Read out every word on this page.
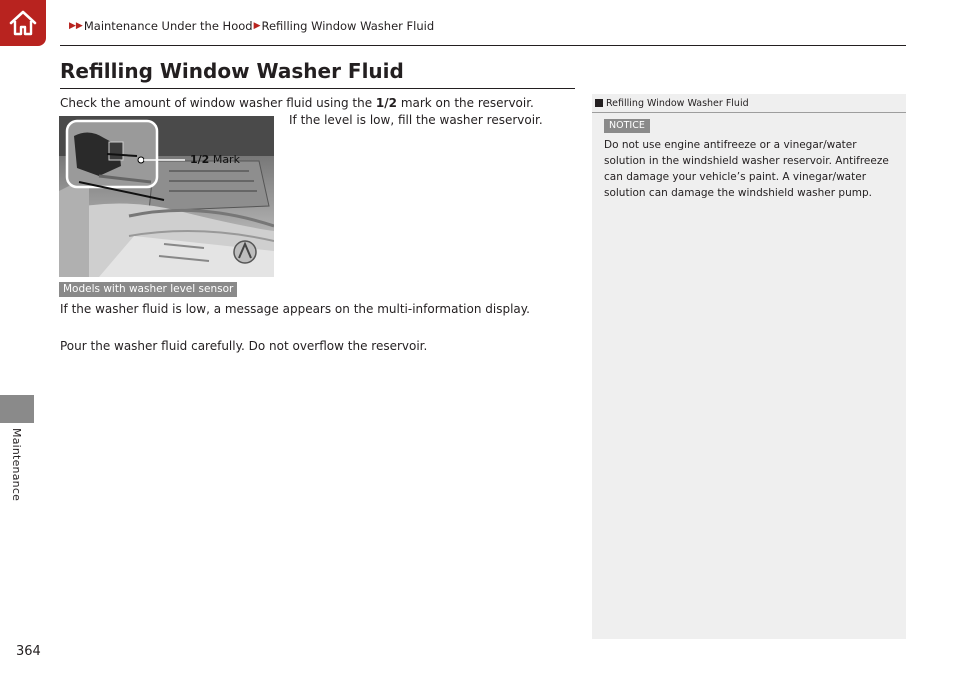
▶▶ Maintenance Under the Hood ▶ Refilling Window Washer Fluid
Maintenance
364
Refilling Window Washer Fluid
Check the amount of window washer fluid using the 1/2 mark on the reservoir.
If the level is low, fill the washer reservoir.
1/2 Mark
Models with washer level sensor
If the washer fluid is low, a message appears on the multi-information display.
Pour the washer fluid carefully. Do not overflow the reservoir.
Refilling Window Washer Fluid
NOTICE

Do not use engine antifreeze or a vinegar/water solution in the windshield washer reservoir. Antifreeze can damage your vehicle’s paint. A vinegar/water solution can damage the windshield washer pump.
